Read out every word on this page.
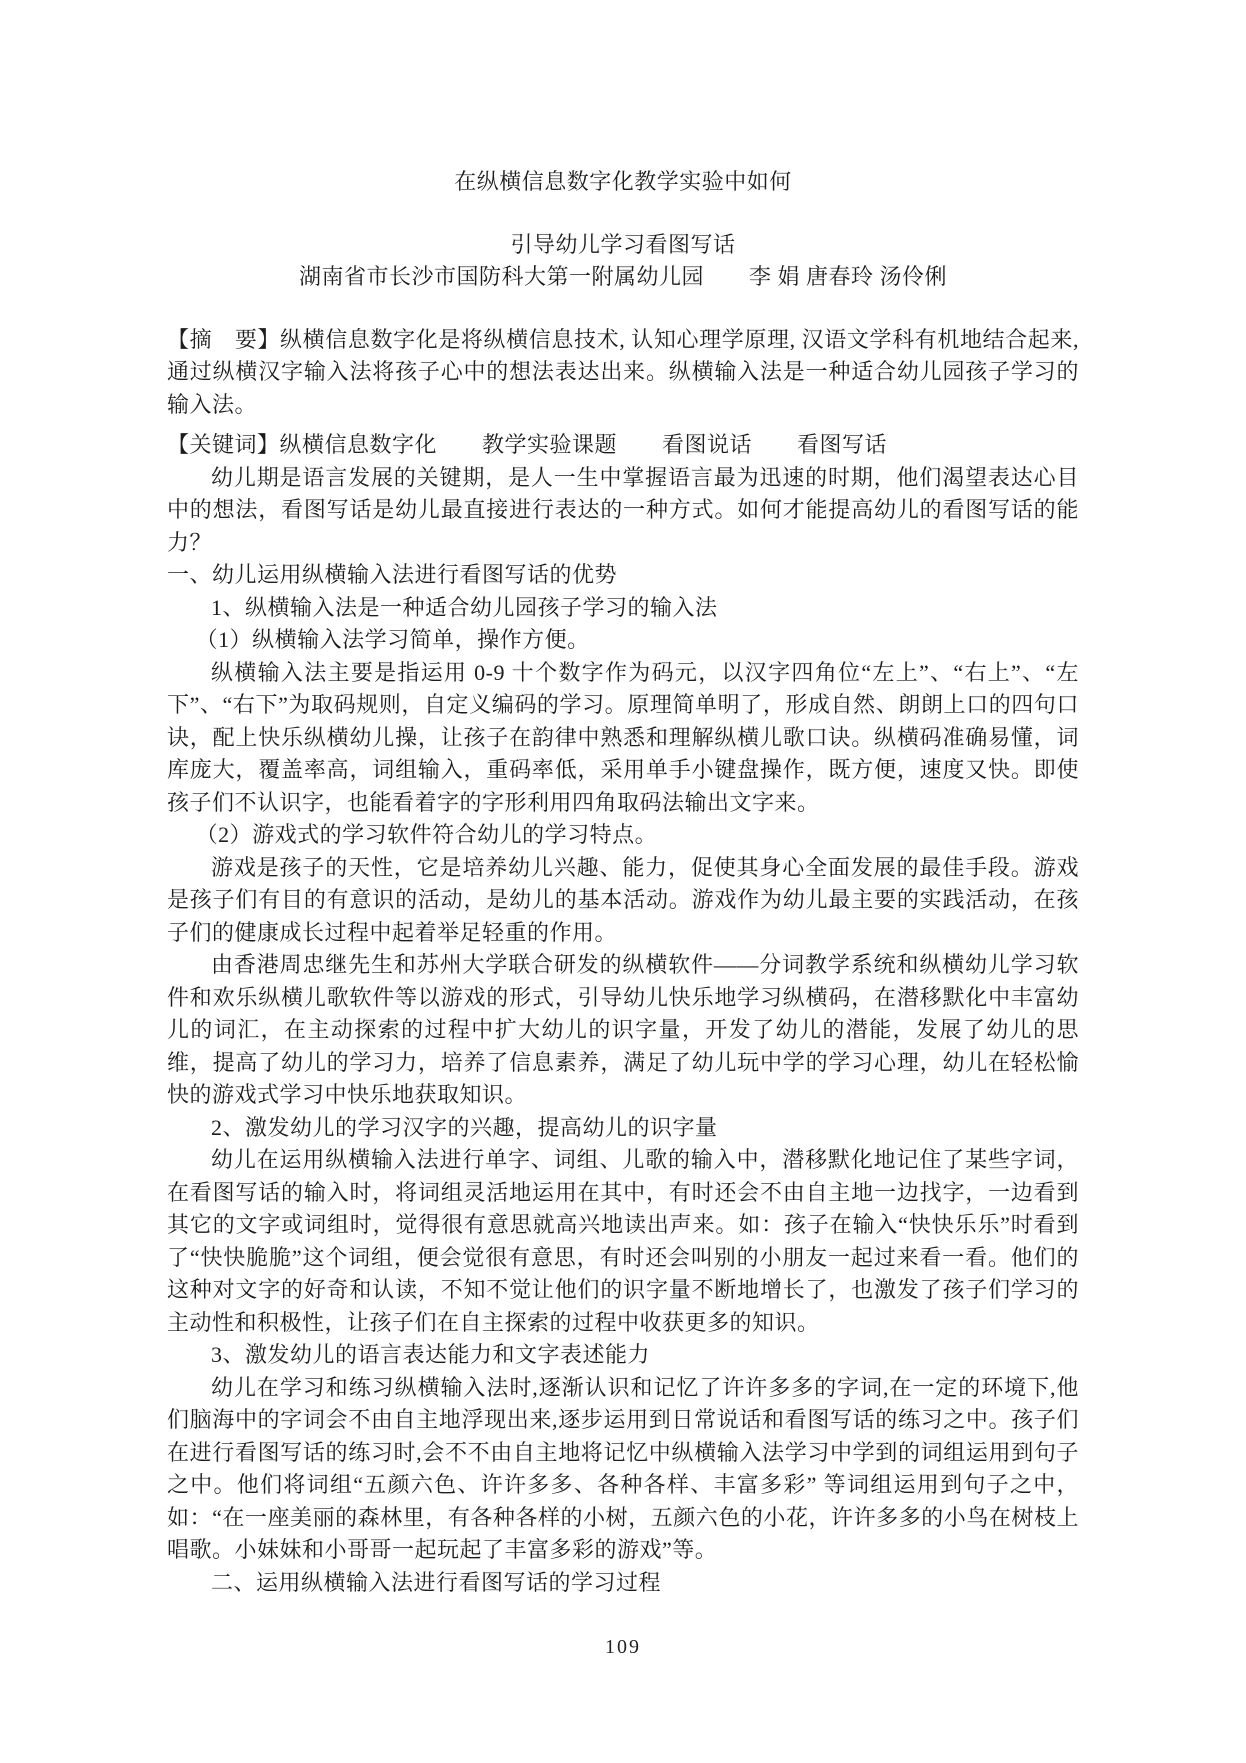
在纵横信息数字化教学实验中如何

引导幼儿学习看图写话

湖南省市长沙市国防科大第一附属幼儿园　　李 娟 唐春玲 汤伶俐

【摘　要】纵横信息数字化是将纵横信息技术, 认知心理学原理, 汉语文学科有机地结合起来, 通过纵横汉字输入法将孩子心中的想法表达出来。纵横输入法是一种适合幼儿园孩子学习的输入法。

【关键词】纵横信息数字化　　教学实验课题　　看图说话　　看图写话

幼儿期是语言发展的关键期，是人一生中掌握语言最为迅速的时期，他们渴望表达心目中的想法，看图写话是幼儿最直接进行表达的一种方式。如何才能提高幼儿的看图写话的能力？

一、幼儿运用纵横输入法进行看图写话的优势

1、纵横输入法是一种适合幼儿园孩子学习的输入法

（1）纵横输入法学习简单，操作方便。

纵横输入法主要是指运用 0-9 十个数字作为码元，以汉字四角位“左上”、“右上”、“左下”、“右下”为取码规则，自定义编码的学习。原理简单明了，形成自然、朗朗上口的四句口诀，配上快乐纵横幼儿操，让孩子在韵律中熟悉和理解纵横儿歌口诀。纵横码准确易懂，词库庞大，覆盖率高，词组输入，重码率低，采用单手小键盘操作，既方便，速度又快。即使孩子们不认识字，也能看着字的字形利用四角取码法输出文字来。

（2）游戏式的学习软件符合幼儿的学习特点。

游戏是孩子的天性，它是培养幼儿兴趣、能力，促使其身心全面发展的最佳手段。游戏是孩子们有目的有意识的活动，是幼儿的基本活动。游戏作为幼儿最主要的实践活动，在孩子们的健康成长过程中起着举足轻重的作用。

由香港周忠继先生和苏州大学联合研发的纵横软件——分词教学系统和纵横幼儿学习软件和欢乐纵横儿歌软件等以游戏的形式，引导幼儿快乐地学习纵横码，在潜移默化中丰富幼儿的词汇，在主动探索的过程中扩大幼儿的识字量，开发了幼儿的潜能，发展了幼儿的思维，提高了幼儿的学习力，培养了信息素养，满足了幼儿玩中学的学习心理，幼儿在轻松愉快的游戏式学习中快乐地获取知识。

2、激发幼儿的学习汉字的兴趣，提高幼儿的识字量

幼儿在运用纵横输入法进行单字、词组、儿歌的输入中，潜移默化地记住了某些字词，在看图写话的输入时，将词组灵活地运用在其中，有时还会不由自主地一边找字，一边看到其它的文字或词组时，觉得很有意思就高兴地读出声来。如：孩子在输入“快快乐乐”时看到了“快快脆脆”这个词组，便会觉很有意思，有时还会叫别的小朋友一起过来看一看。他们的这种对文字的好奇和认读，不知不觉让他们的识字量不断地增长了，也激发了孩子们学习的主动性和积极性，让孩子们在自主探索的过程中收获更多的知识。

3、激发幼儿的语言表达能力和文字表述能力

幼儿在学习和练习纵横输入法时,逐渐认识和记忆了许许多多的字词,在一定的环境下,他们脑海中的字词会不由自主地浮现出来,逐步运用到日常说话和看图写话的练习之中。孩子们在进行看图写话的练习时,会不不由自主地将记忆中纵横输入法学习中学到的词组运用到句子之中。他们将词组“五颜六色、许许多多、各种各样、丰富多彩” 等词组运用到句子之中，如：“在一座美丽的森林里，有各种各样的小树，五颜六色的小花，许许多多的小鸟在树枝上唱歌。小妹妹和小哥哥一起玩起了丰富多彩的游戏”等。

二、运用纵横输入法进行看图写话的学习过程

109
